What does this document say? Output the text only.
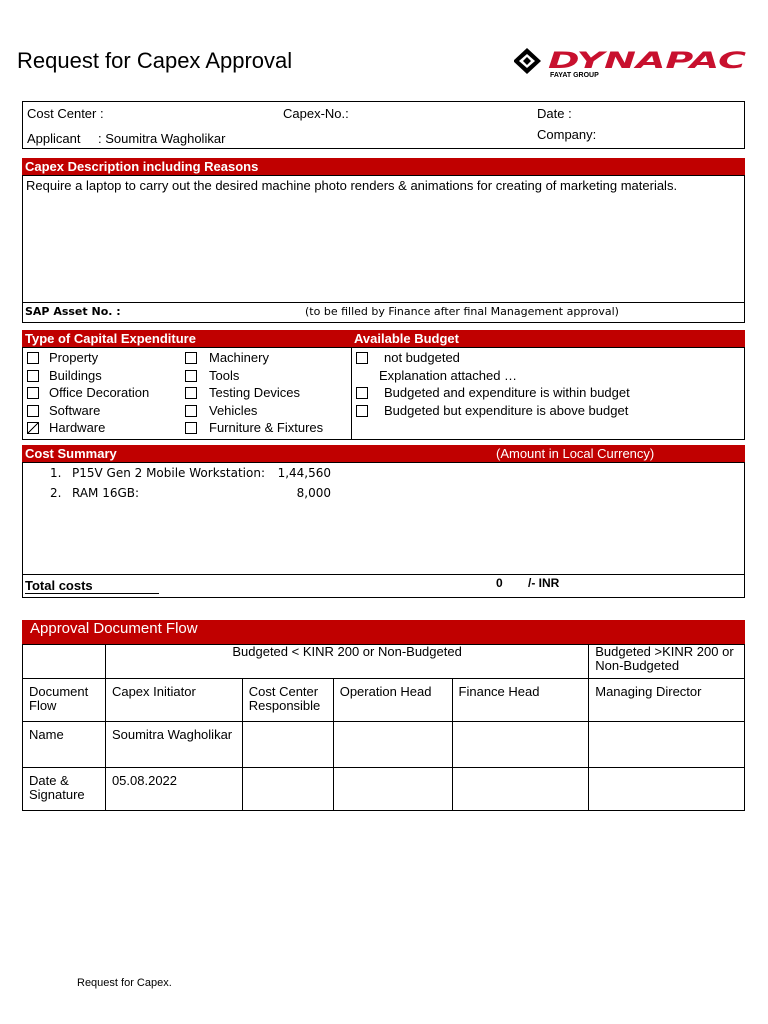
Request for Capex Approval	DYNAPAC
FAYAT GROUP
Cost Center :	Capex-No.:	Date :
Applicant : Soumitra Wagholikar	Company:
Capex Description including Reasons
Require a laptop to carry out the desired machine photo renders & animations for creating of marketing materials.
SAP Asset No. :	(to be filled by Finance after final Management approval)
Type of Capital Expenditure	Available Budget
Property
Buildings
Office Decoration
Software
Hardware
Machinery
Tools
Testing Devices
Vehicles
Furniture & Fixtures
not budgeted
Explanation attached …
Budgeted and expenditure is within budget
Budgeted but expenditure is above budget
Cost Summary	(Amount in Local Currency)
1. P15V Gen 2 Mobile Workstation: 1,44,560
2. RAM 16GB:	8,000
Total costs	0 /- INR
Approval Document Flow
	Budgeted < KINR 200 or Non-Budgeted				Budgeted >KINR 200 or Non-Budgeted
Document Flow	Capex Initiator	Cost Center Responsible	Operation Head	Finance Head	Managing Director
Name	Soumitra Wagholikar				
Date & Signature	05.08.2022				
Request for Capex.
